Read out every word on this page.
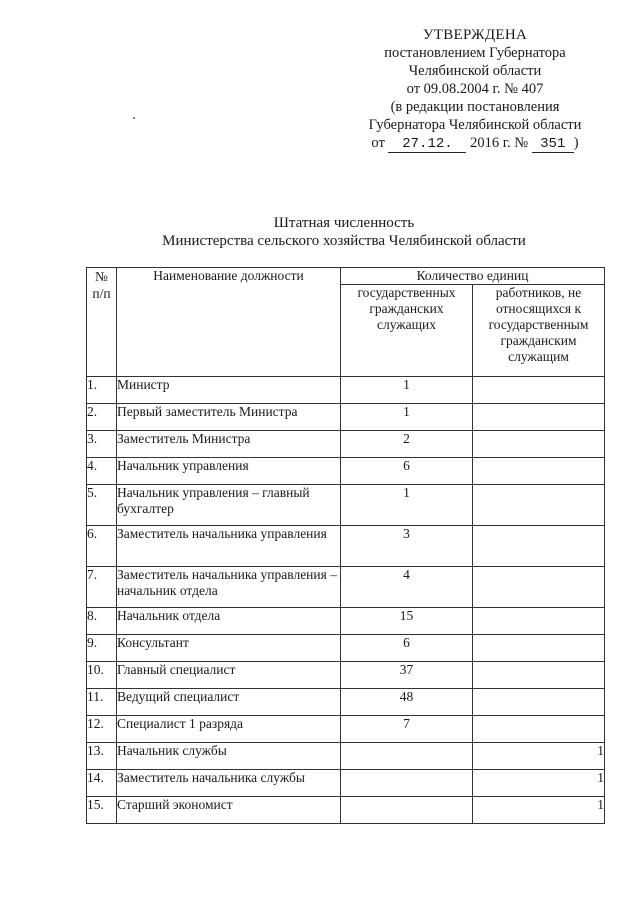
УТВЕРЖДЕНА
постановлением Губернатора
Челябинской области
от 09.08.2004 г. № 407
(в редакции постановления
Губернатора Челябинской области
от 27.12. 2016 г. № 351 )
Штатная численность
Министерства сельского хозяйства Челябинской области
№
п/п	Наименование должности	Количество единиц	
		государственных гражданских служащих	работников, не относящихся к государственным гражданским служащим
1.	Министр	1	
2.	Первый заместитель Министра	1	
3.	Заместитель Министра	2	
4.	Начальник управления	6	
5.	Начальник управления – главный бухгалтер	1	
6.	Заместитель начальника управления	3	
7.	Заместитель начальника управления – начальник отдела	4	
8.	Начальник отдела	15	
9.	Консультант	6	
10.	Главный специалист	37	
11.	Ведущий специалист	48	
12.	Специалист 1 разряда	7	
13.	Начальник службы		1
14.	Заместитель начальника службы		1
15.	Старший экономист		1
